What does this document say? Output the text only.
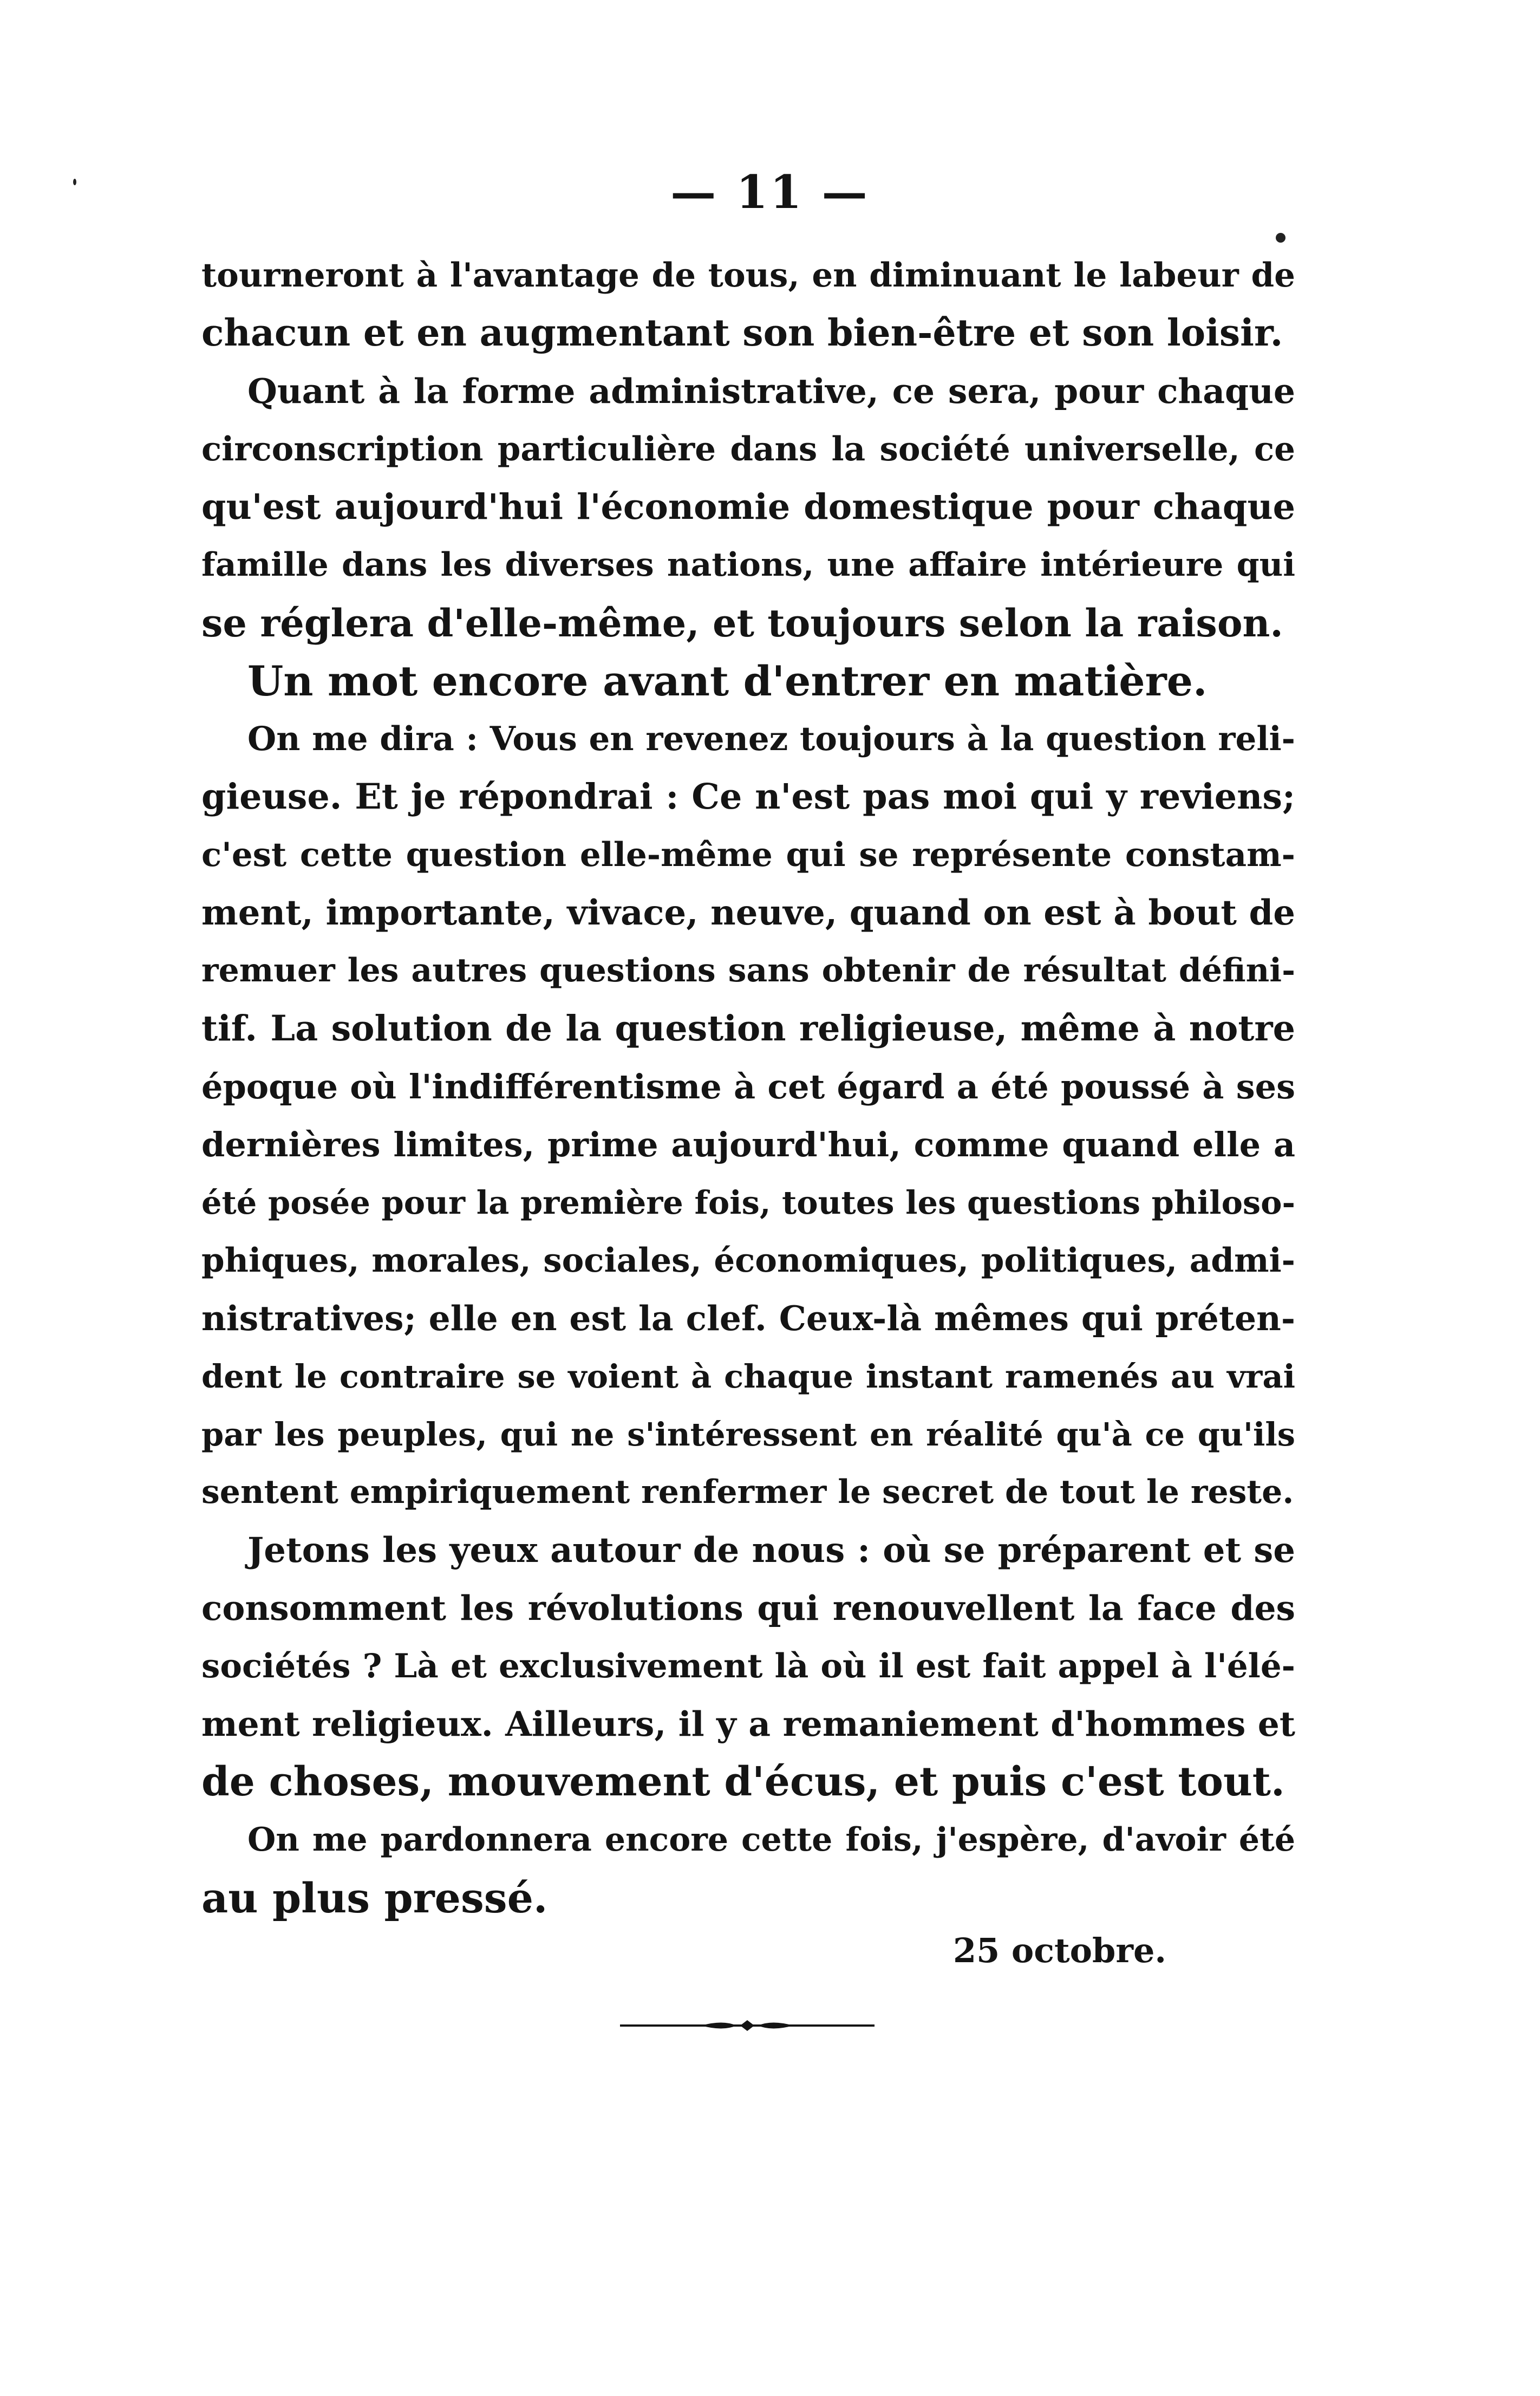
— 11 —
tourneront à l'avantage de tous, en diminuant le labeur de
chacun et en augmentant son bien-être et son loisir.
Quant à la forme administrative, ce sera, pour chaque
circonscription particulière dans la société universelle, ce
qu'est aujourd'hui l'économie domestique pour chaque
famille dans les diverses nations, une affaire intérieure qui
se réglera d'elle-même, et toujours selon la raison.
Un mot encore avant d'entrer en matière.
On me dira : Vous en revenez toujours à la question reli-
gieuse. Et je répondrai : Ce n'est pas moi qui y reviens;
c'est cette question elle-même qui se représente constam-
ment, importante, vivace, neuve, quand on est à bout de
remuer les autres questions sans obtenir de résultat défini-
tif. La solution de la question religieuse, même à notre
époque où l'indifférentisme à cet égard a été poussé à ses
dernières limites, prime aujourd'hui, comme quand elle a
été posée pour la première fois, toutes les questions philoso-
phiques, morales, sociales, économiques, politiques, admi-
nistratives; elle en est la clef. Ceux-là mêmes qui préten-
dent le contraire se voient à chaque instant ramenés au vrai
par les peuples, qui ne s'intéressent en réalité qu'à ce qu'ils
sentent empiriquement renfermer le secret de tout le reste.
Jetons les yeux autour de nous : où se préparent et se
consomment les révolutions qui renouvellent la face des
sociétés ? Là et exclusivement là où il est fait appel à l'élé-
ment religieux. Ailleurs, il y a remaniement d'hommes et
de choses, mouvement d'écus, et puis c'est tout.
On me pardonnera encore cette fois, j'espère, d'avoir été
au plus pressé.
25 octobre.
